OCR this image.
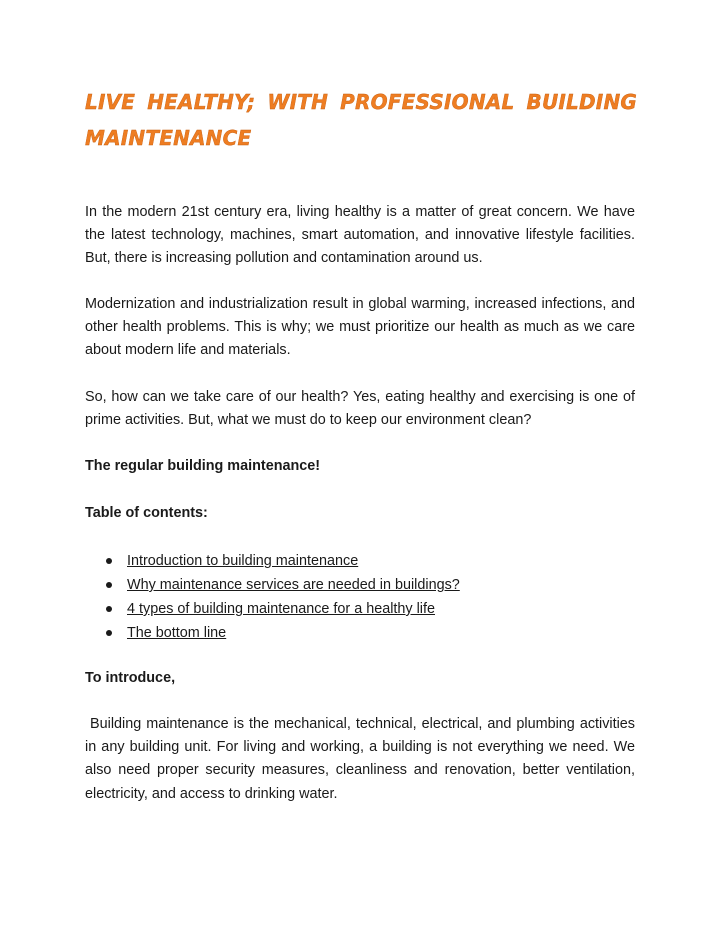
LIVE HEALTHY; WITH PROFESSIONAL BUILDING MAINTENANCE

In the modern 21st century era, living healthy is a matter of great concern. We have the latest technology, machines, smart automation, and innovative lifestyle facilities. But, there is increasing pollution and contamination around us.

Modernization and industrialization result in global warming, increased infections, and other health problems. This is why; we must prioritize our health as much as we care about modern life and materials.

So, how can we take care of our health? Yes, eating healthy and exercising is one of prime activities. But, what we must do to keep our environment clean?

The regular building maintenance!

Table of contents:

Introduction to building maintenance
Why maintenance services are needed in buildings?
4 types of building maintenance for a healthy life
The bottom line

To introduce,

Building maintenance is the mechanical, technical, electrical, and plumbing activities in any building unit. For living and working, a building is not everything we need. We also need proper security measures, cleanliness and renovation, better ventilation, electricity, and access to drinking water.
